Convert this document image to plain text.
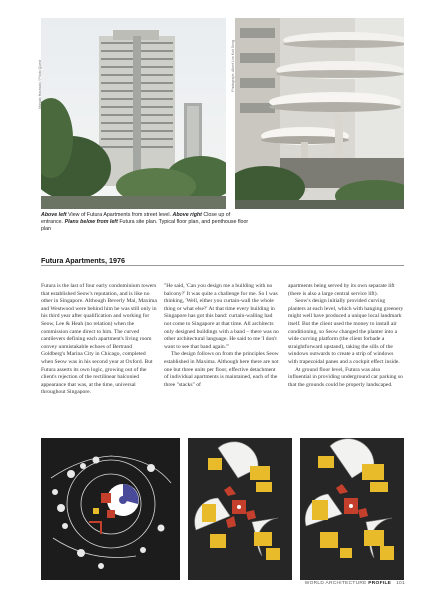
Masato Harasaki / Photo Quest	Photograph: Albert Lim Kok Seng
Above left View of Futura Apartments from street level. Above right Close up of entrance. Plans below from left Futura site plan. Typical floor plan, and penthouse floor plan
Futura Apartments, 1976

Futura is the last of four early condominium towers that established Seow's reputation, and is like no other in Singapore. Although Beverly Mai, Maxima and Westwood were behind him he was still only in his third year after qualification and working for Seow, Lee & Heah (no relation) when the commission came direct to him. The curved cantilevers defining each apartment's living room convey unmistakable echoes of Bertrand Goldberg's Marina City in Chicago, completed when Seow was in his second year at Oxford. But Futura asserts its own logic, growing out of the client's rejection of the rectilinear balconied appearance that was, at the time, universal throughout Singapore.

"He said, 'Can you design me a building with no balcony?' It was quite a challenge for me. So I was thinking, 'Well, either you curtain-wall the whole thing or what else?' At that time every building in Singapore has got this band: curtain-walling had not come to Singapore at that time. All architects only designed buildings with a band – there was no other architectural language. He said to me 'I don't want to see that band again.'"

The design follows on from the principles Seow established in Maxima. Although here there are not one but three units per floor, effective detachment of individual apartments is maintained, each of the three "stacks" of

apartments being served by its own separate lift (there is also a large central service lift).

Seow's design initially provided curving planters at each level, which with hanging greenery might well have produced a unique local landmark itself. But the client used the money to install air conditioning, so Seow changed the planter into a wide curving platform (the client forbade a straightforward upstand), taking the sills of the windows outwards to create a strip of windows with trapezoidal panes and a cockpit effect inside.

At ground floor level, Futura was also influential in providing underground car parking so that the grounds could be properly landscaped.

WORLD ARCHITECTURE PROFILE 101
